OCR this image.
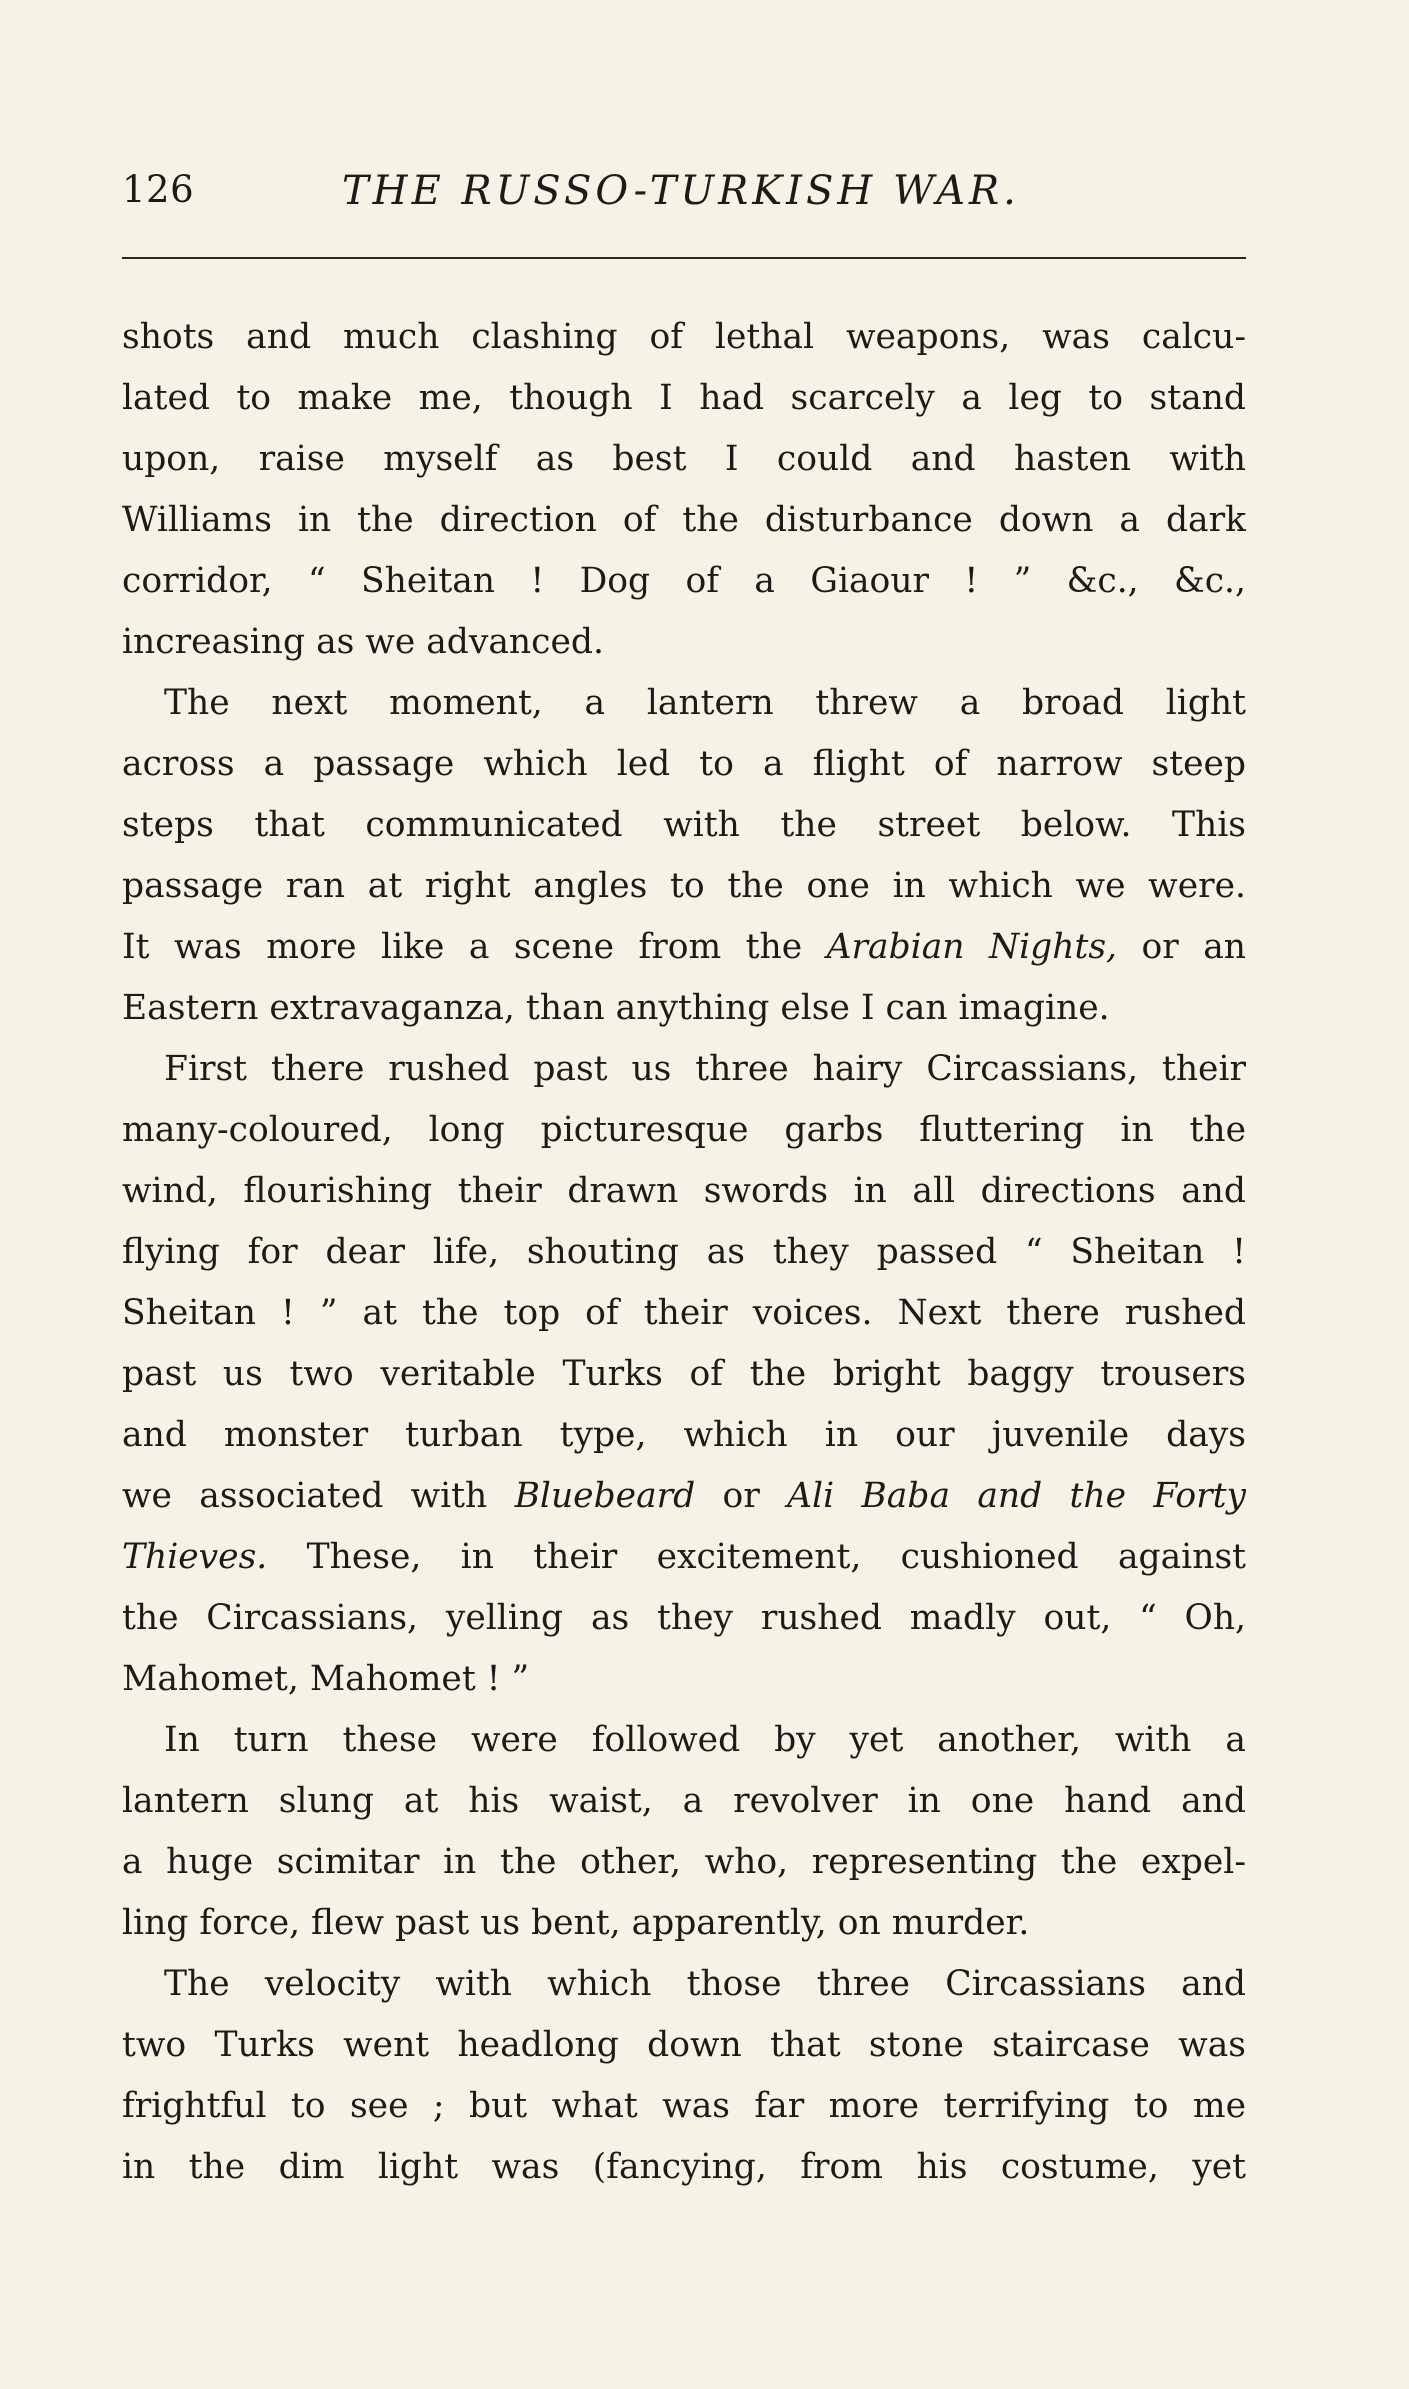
126	THE RUSSO-TURKISH WAR.
shots and much clashing of lethal weapons, was calcu-
lated to make me, though I had scarcely a leg to stand
upon, raise myself as best I could and hasten with
Williams in the direction of the disturbance down a dark
corridor, “ Sheitan ! Dog of a Giaour ! ” &c., &c.,
increasing as we advanced.
The next moment, a lantern threw a broad light
across a passage which led to a flight of narrow steep
steps that communicated with the street below. This
passage ran at right angles to the one in which we were.
It was more like a scene from the Arabian Nights, or an
Eastern extravaganza, than anything else I can imagine.
First there rushed past us three hairy Circassians, their
many-coloured, long picturesque garbs fluttering in the
wind, flourishing their drawn swords in all directions and
flying for dear life, shouting as they passed “ Sheitan !
Sheitan ! ” at the top of their voices. Next there rushed
past us two veritable Turks of the bright baggy trousers
and monster turban type, which in our juvenile days
we associated with Bluebeard or Ali Baba and the Forty
Thieves. These, in their excitement, cushioned against
the Circassians, yelling as they rushed madly out, “ Oh,
Mahomet, Mahomet ! ”
In turn these were followed by yet another, with a
lantern slung at his waist, a revolver in one hand and
a huge scimitar in the other, who, representing the expel-
ling force, flew past us bent, apparently, on murder.
The velocity with which those three Circassians and
two Turks went headlong down that stone staircase was
frightful to see ; but what was far more terrifying to me
in the dim light was (fancying, from his costume, yet
